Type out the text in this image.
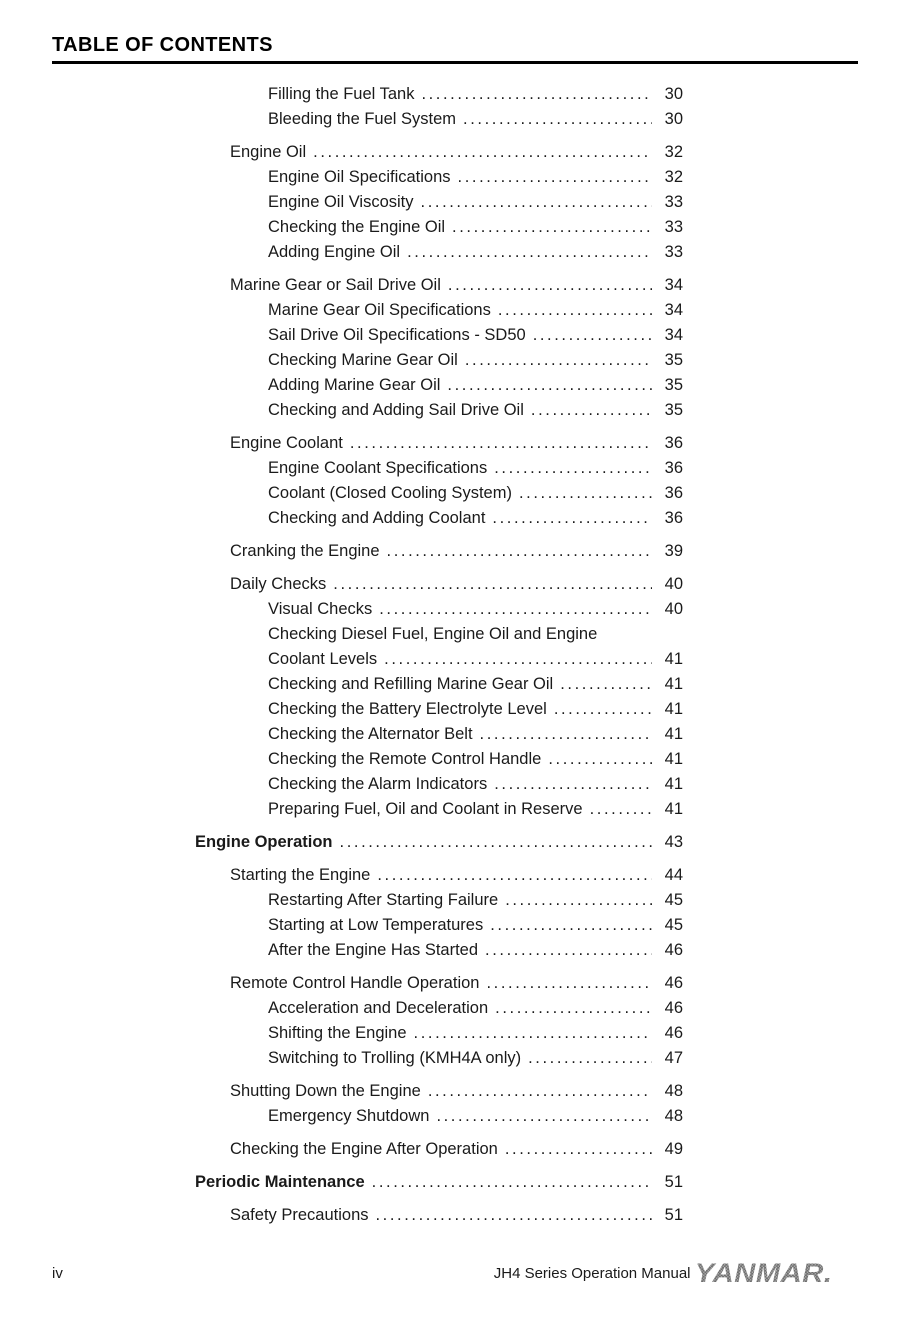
TABLE OF CONTENTS
Filling the Fuel Tank .....	30
Bleeding the Fuel System .....	30
Engine Oil .....	32
Engine Oil Specifications .....	32
Engine Oil Viscosity .....	33
Checking the Engine Oil .....	33
Adding Engine Oil .....	33
Marine Gear or Sail Drive Oil .....	34
Marine Gear Oil Specifications .....	34
Sail Drive Oil Specifications - SD50 .....	34
Checking Marine Gear Oil .....	35
Adding Marine Gear Oil .....	35
Checking and Adding Sail Drive Oil .....	35
Engine Coolant .....	36
Engine Coolant Specifications .....	36
Coolant (Closed Cooling System) .....	36
Checking and Adding Coolant .....	36
Cranking the Engine .....	39
Daily Checks .....	40
Visual Checks .....	40
Checking Diesel Fuel, Engine Oil and Engine
Coolant Levels .....	41
Checking and Refilling Marine Gear Oil .....	41
Checking the Battery Electrolyte Level .....	41
Checking the Alternator Belt .....	41
Checking the Remote Control Handle .....	41
Checking the Alarm Indicators .....	41
Preparing Fuel, Oil and Coolant in Reserve .....	41
Engine Operation .....	43
Starting the Engine .....	44
Restarting After Starting Failure .....	45
Starting at Low Temperatures .....	45
After the Engine Has Started .....	46
Remote Control Handle Operation .....	46
Acceleration and Deceleration .....	46
Shifting the Engine .....	46
Switching to Trolling (KMH4A only) .....	47
Shutting Down the Engine .....	48
Emergency Shutdown .....	48
Checking the Engine After Operation .....	49
Periodic Maintenance .....	51
Safety Precautions .....	51
iv	JH4 Series Operation Manual YANMAR.
